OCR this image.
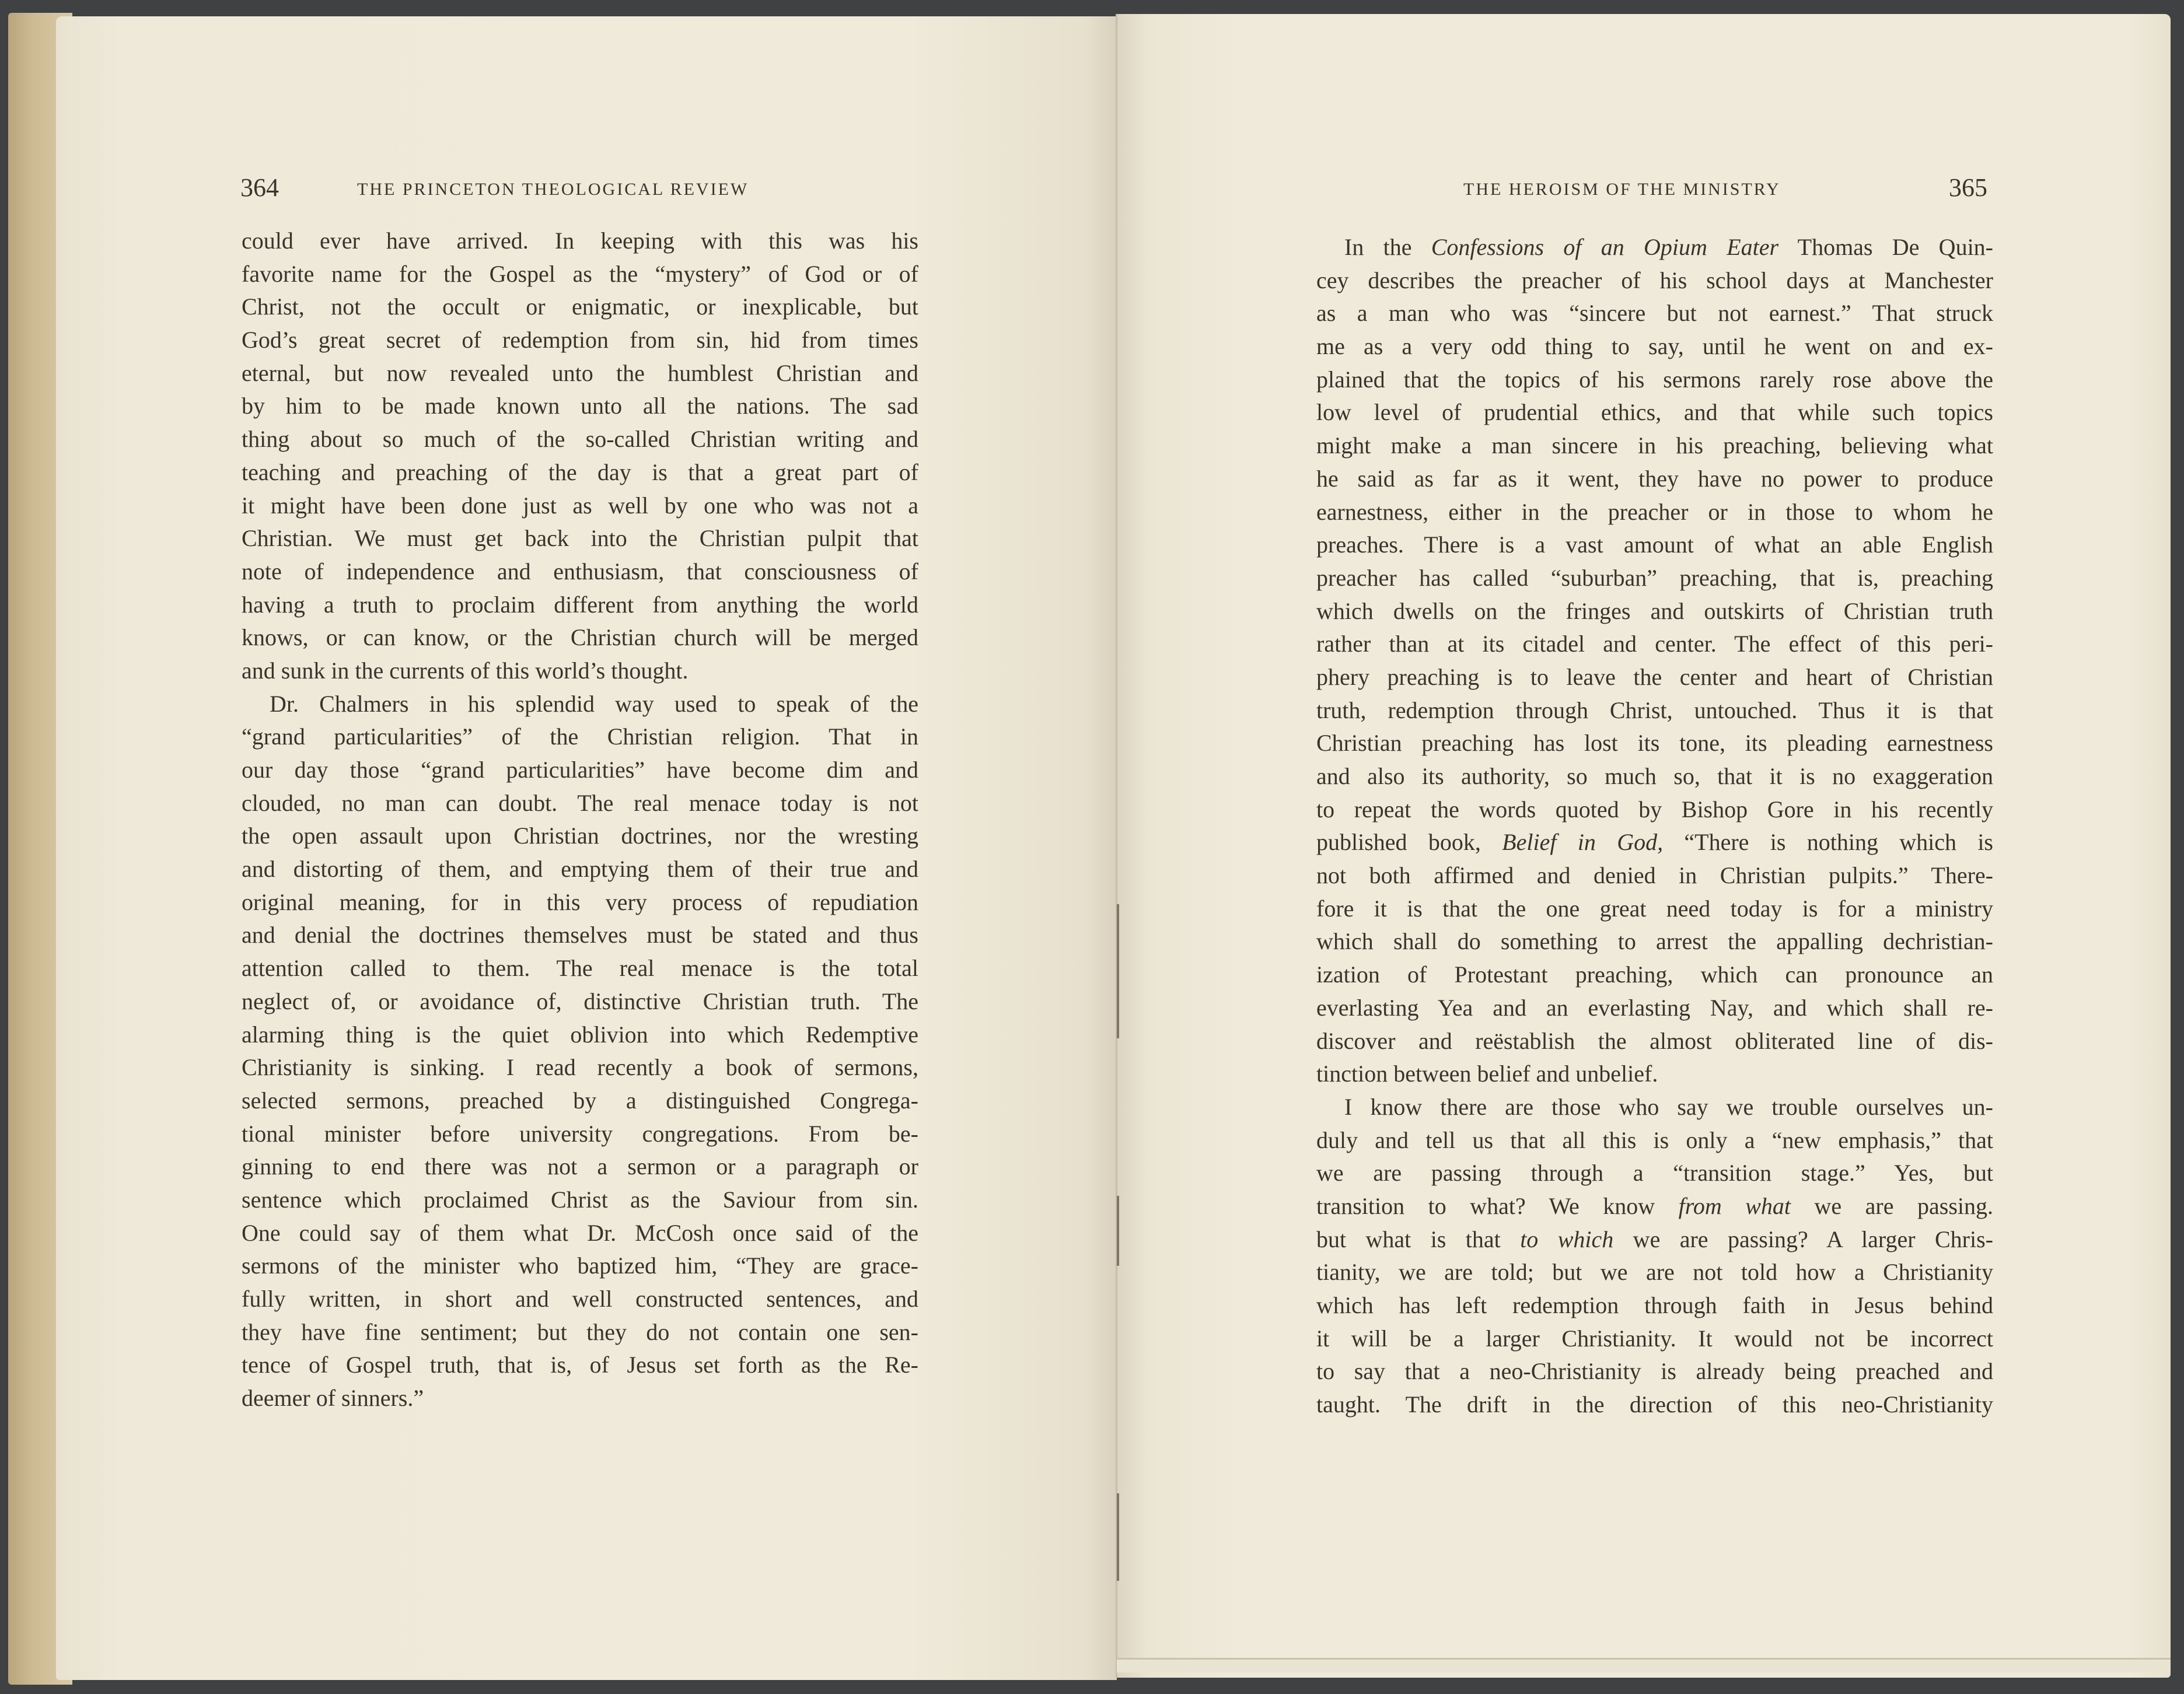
364	THE PRINCETON THEOLOGICAL REVIEW	THE HEROISM OF THE MINISTRY	365
could ever have arrived. In keeping with this was his
favorite name for the Gospel as the “mystery” of God or of
Christ, not the occult or enigmatic, or inexplicable, but
God’s great secret of redemption from sin, hid from times
eternal, but now revealed unto the humblest Christian and
by him to be made known unto all the nations. The sad
thing about so much of the so-called Christian writing and
teaching and preaching of the day is that a great part of
it might have been done just as well by one who was not a
Christian. We must get back into the Christian pulpit that
note of independence and enthusiasm, that consciousness of
having a truth to proclaim different from anything the world
knows, or can know, or the Christian church will be merged
and sunk in the currents of this world’s thought.
Dr. Chalmers in his splendid way used to speak of the
“grand particularities” of the Christian religion. That in
our day those “grand particularities” have become dim and
clouded, no man can doubt. The real menace today is not
the open assault upon Christian doctrines, nor the wresting
and distorting of them, and emptying them of their true and
original meaning, for in this very process of repudiation
and denial the doctrines themselves must be stated and thus
attention called to them. The real menace is the total
neglect of, or avoidance of, distinctive Christian truth. The
alarming thing is the quiet oblivion into which Redemptive
Christianity is sinking. I read recently a book of sermons,
selected sermons, preached by a distinguished Congrega-
tional minister before university congregations. From be-
ginning to end there was not a sermon or a paragraph or
sentence which proclaimed Christ as the Saviour from sin.
One could say of them what Dr. McCosh once said of the
sermons of the minister who baptized him, “They are grace-
fully written, in short and well constructed sentences, and
they have fine sentiment; but they do not contain one sen-
tence of Gospel truth, that is, of Jesus set forth as the Re-
deemer of sinners.”
In the Confessions of an Opium Eater Thomas De Quin-
cey describes the preacher of his school days at Manchester
as a man who was “sincere but not earnest.” That struck
me as a very odd thing to say, until he went on and ex-
plained that the topics of his sermons rarely rose above the
low level of prudential ethics, and that while such topics
might make a man sincere in his preaching, believing what
he said as far as it went, they have no power to produce
earnestness, either in the preacher or in those to whom he
preaches. There is a vast amount of what an able English
preacher has called “suburban” preaching, that is, preaching
which dwells on the fringes and outskirts of Christian truth
rather than at its citadel and center. The effect of this peri-
phery preaching is to leave the center and heart of Christian
truth, redemption through Christ, untouched. Thus it is that
Christian preaching has lost its tone, its pleading earnestness
and also its authority, so much so, that it is no exaggeration
to repeat the words quoted by Bishop Gore in his recently
published book, Belief in God, “There is nothing which is
not both affirmed and denied in Christian pulpits.” There-
fore it is that the one great need today is for a ministry
which shall do something to arrest the appalling dechristian-
ization of Protestant preaching, which can pronounce an
everlasting Yea and an everlasting Nay, and which shall re-
discover and reëstablish the almost obliterated line of dis-
tinction between belief and unbelief.
I know there are those who say we trouble ourselves un-
duly and tell us that all this is only a “new emphasis,” that
we are passing through a “transition stage.” Yes, but
transition to what? We know from what we are passing.
but what is that to which we are passing? A larger Chris-
tianity, we are told; but we are not told how a Christianity
which has left redemption through faith in Jesus behind
it will be a larger Christianity. It would not be incorrect
to say that a neo-Christianity is already being preached and
taught. The drift in the direction of this neo-Christianity
